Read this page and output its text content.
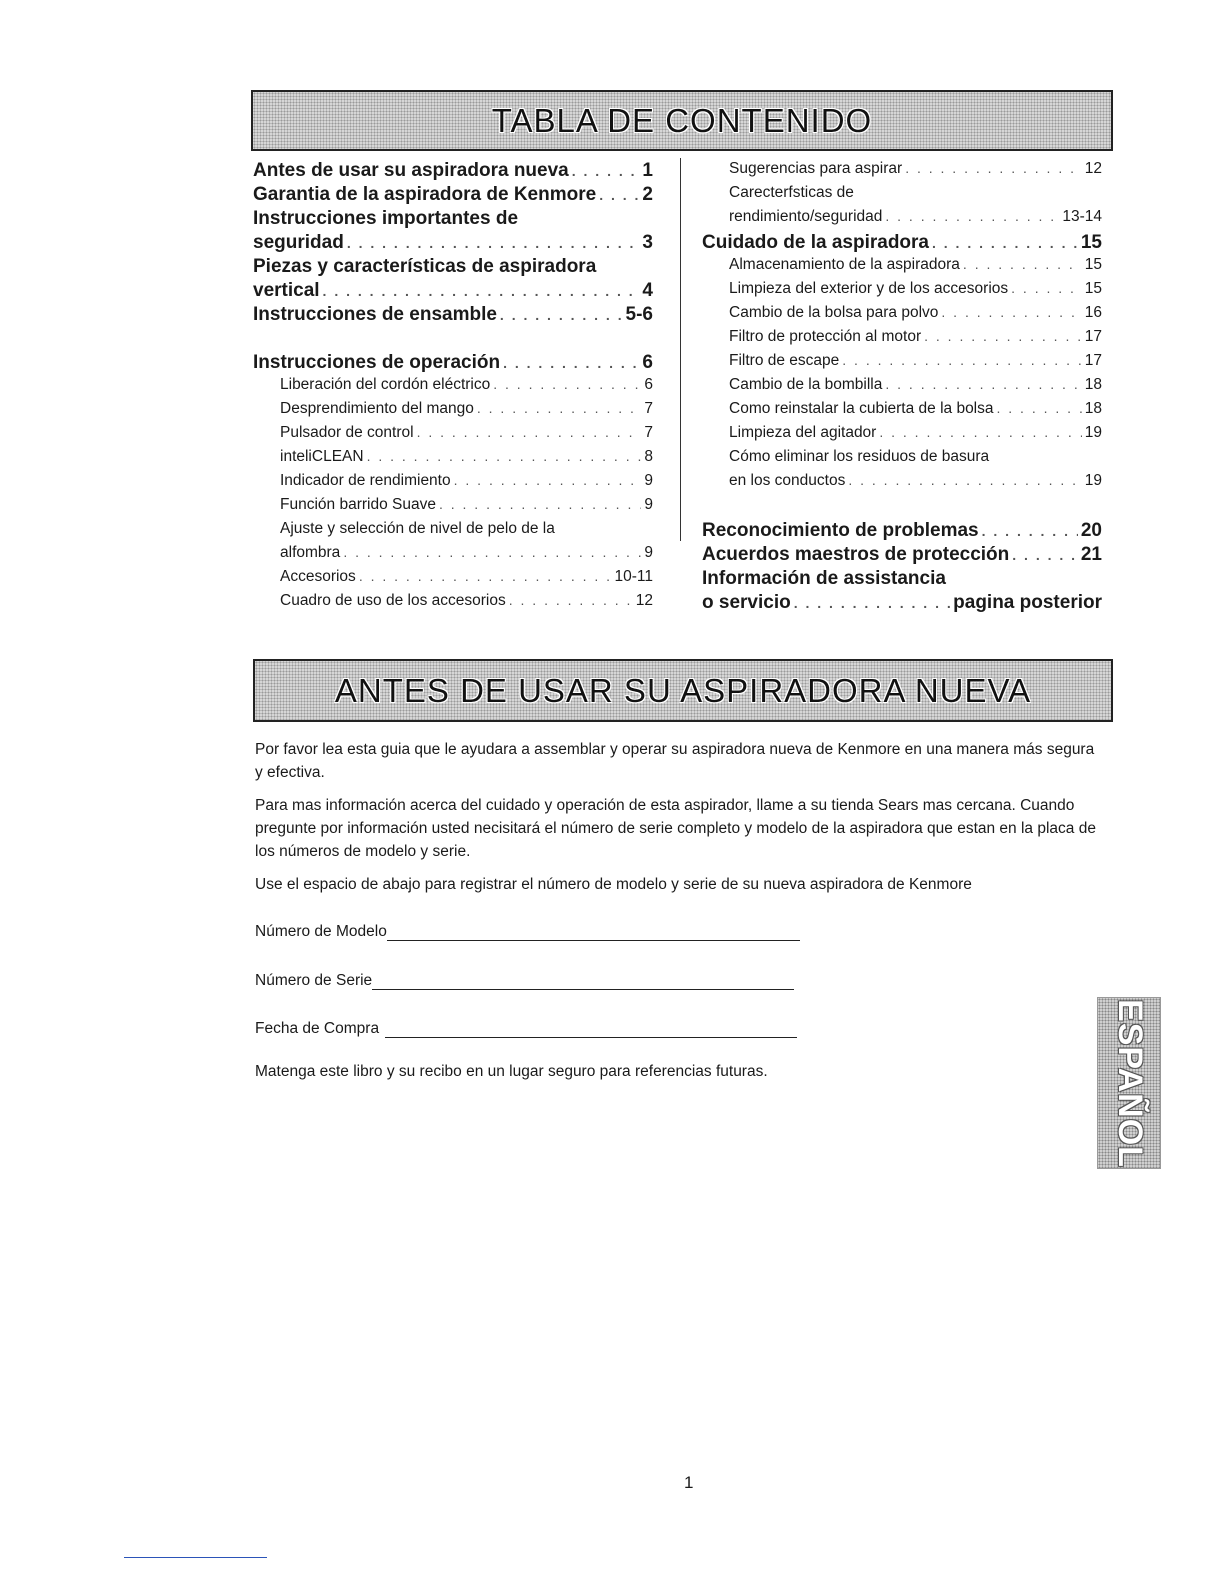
TABLA DE CONTENIDO
Antes de usar su aspiradora nueva . . .	1
Garantia de la aspiradora de Kenmore . . . 2
Instrucciones importantes de
seguridad . . .	3
Piezas y características de aspiradora
vertical . . .	4
Instrucciones de ensamble . . .	5-6
Instrucciones de operación . . .	6
Liberación del cordón eléctrico . . .	6
Desprendimiento del mango . . .	7
Pulsador de control . . .	7
inteliCLEAN . . .	8
Indicador de rendimiento . . .	9
Función barrido Suave . . .	9
Ajuste y selección de nivel de pelo de la
alfombra . . .	9
Accesorios . . .	10-11
Cuadro de uso de los accesorios . . .	12
Sugerencias para aspirar . . .	12
Carecterfsticas de
rendimiento/seguridad . . .	13-14
Cuidado de la aspiradora . . .	15
Almacenamiento de la aspiradora . . .	15
Limpieza del exterior y de los accesorios . . .	15
Cambio de la bolsa para polvo . . .	16
Filtro de protección al motor . . .	17
Filtro de escape . . .	17
Cambio de la bombilla . . .	18
Como reinstalar la cubierta de la bolsa . . .	18
Limpieza del agitador . . .	19
Cómo eliminar los residuos de basura
en los conductos . . .	19
Reconocimiento de problemas . . .	20
Acuerdos maestros de protección . . .	21
Información de assistancia
o servicio . . .	pagina posterior
ANTES DE USAR SU ASPIRADORA NUEVA

Por favor lea esta guia que le ayudara a assemblar y operar su aspiradora nueva de Kenmore en una manera más segura y efectiva.

Para mas información acerca del cuidado y operación de esta aspirador, llame a su tienda Sears mas cercana. Cuando pregunte por información usted necisitará el número de serie completo y modelo de la aspiradora que estan en la placa de los números de modelo y serie.

Use el espacio de abajo para registrar el número de modelo y serie de su nueva aspiradora de Kenmore

Número de Modelo
Número de Serie
Fecha de Compra
Matenga este libro y su recibo en un lugar seguro para referencias futuras.	ESPAÑOL
1
